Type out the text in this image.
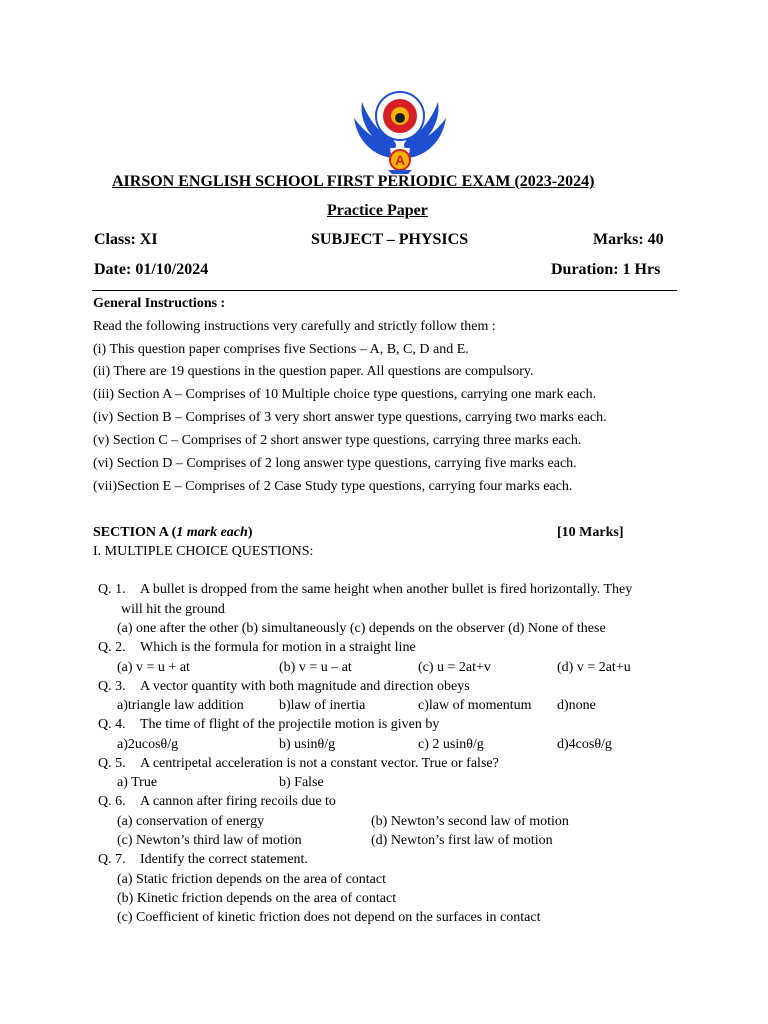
A
AIRSON ENGLISH SCHOOL FIRST PERIODIC EXAM (2023-2024)
Practice Paper
Class: XI	SUBJECT – PHYSICS	Marks: 40
Date: 01/10/2024	Duration: 1 Hrs
General Instructions :
Read the following instructions very carefully and strictly follow them :
(i) This question paper comprises five Sections – A, B, C, D and E.
(ii) There are 19 questions in the question paper. All questions are compulsory.
(iii) Section A – Comprises of 10 Multiple choice type questions, carrying one mark each.
(iv) Section B – Comprises of 3 very short answer type questions, carrying two marks each.
(v) Section C – Comprises of 2 short answer type questions, carrying three marks each.
(vi) Section D – Comprises of 2 long answer type questions, carrying five marks each.
(vii)Section E – Comprises of 2 Case Study type questions, carrying four marks each.
SECTION A (1 mark each)	[10 Marks]
I. MULTIPLE CHOICE QUESTIONS:
Q. 1. A bullet is dropped from the same height when another bullet is fired horizontally. They
will hit the ground
(a) one after the other (b) simultaneously (c) depends on the observer (d) None of these
Q. 2. Which is the formula for motion in a straight line
(a) v = u + at	(b) v = u – at	(c) u = 2at+v	(d) v = 2at+u
Q. 3. A vector quantity with both magnitude and direction obeys
a)triangle law addition	b)law of inertia	c)law of momentum d)none
Q. 4. The time of flight of the projectile motion is given by
a)2ucosθ/g	b) usinθ/g	c) 2 usinθ/g	d)4cosθ/g
Q. 5. A centripetal acceleration is not a constant vector. True or false?
a) True	b) False
Q. 6. A cannon after firing recoils due to
(a) conservation of energy	(b) Newton’s second law of motion
(c) Newton’s third law of motion	(d) Newton’s first law of motion
Q. 7. Identify the correct statement.
(a) Static friction depends on the area of contact
(b) Kinetic friction depends on the area of contact
(c) Coefficient of kinetic friction does not depend on the surfaces in contact
